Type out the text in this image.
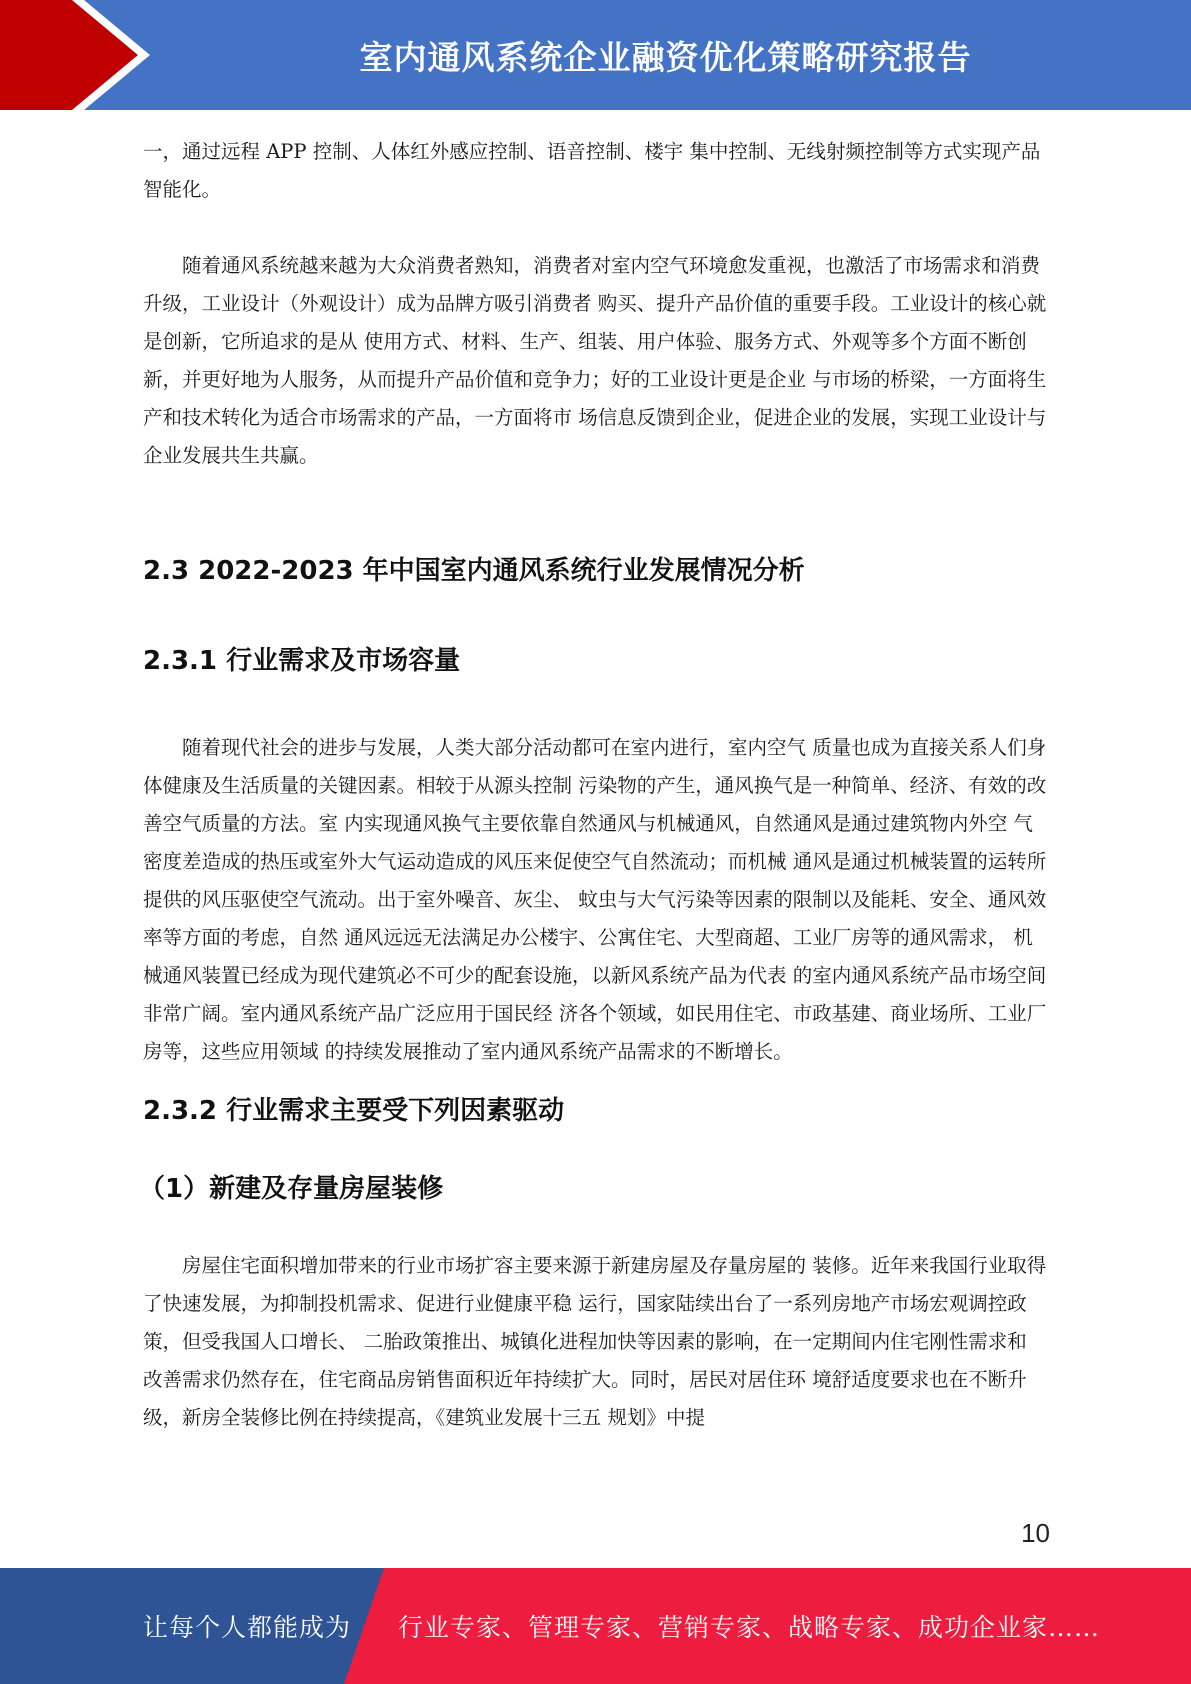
室内通风系统企业融资优化策略研究报告

一，通过远程 APP 控制、人体红外感应控制、语音控制、楼宇 集中控制、无线射频控制等方式实现产品智能化。

随着通风系统越来越为大众消费者熟知，消费者对室内空气环境愈发重视，也激活了市场需求和消费升级，工业设计（外观设计）成为品牌方吸引消费者 购买、提升产品价值的重要手段。工业设计的核心就是创新，它所追求的是从 使用方式、材料、生产、组装、用户体验、服务方式、外观等多个方面不断创 新，并更好地为人服务，从而提升产品价值和竞争力；好的工业设计更是企业 与市场的桥梁，一方面将生产和技术转化为适合市场需求的产品，一方面将市 场信息反馈到企业，促进企业的发展，实现工业设计与企业发展共生共赢。

2.3 2022-2023 年中国室内通风系统行业发展情况分析
2.3.1 行业需求及市场容量

随着现代社会的进步与发展，人类大部分活动都可在室内进行，室内空气 质量也成为直接关系人们身体健康及生活质量的关键因素。相较于从源头控制 污染物的产生，通风换气是一种简单、经济、有效的改善空气质量的方法。室 内实现通风换气主要依靠自然通风与机械通风，自然通风是通过建筑物内外空 气密度差造成的热压或室外大气运动造成的风压来促使空气自然流动；而机械 通风是通过机械装置的运转所提供的风压驱使空气流动。出于室外噪音、灰尘、 蚊虫与大气污染等因素的限制以及能耗、安全、通风效率等方面的考虑，自然 通风远远无法满足办公楼宇、公寓住宅、大型商超、工业厂房等的通风需求， 机械通风装置已经成为现代建筑必不可少的配套设施，以新风系统产品为代表 的室内通风系统产品市场空间非常广阔。室内通风系统产品广泛应用于国民经 济各个领域，如民用住宅、市政基建、商业场所、工业厂房等，这些应用领域 的持续发展推动了室内通风系统产品需求的不断增长。

2.3.2 行业需求主要受下列因素驱动
（1）新建及存量房屋装修

房屋住宅面积增加带来的行业市场扩容主要来源于新建房屋及存量房屋的 装修。近年来我国行业取得了快速发展，为抑制投机需求、促进行业健康平稳 运行，国家陆续出台了一系列房地产市场宏观调控政策，但受我国人口增长、 二胎政策推出、城镇化进程加快等因素的影响，在一定期间内住宅刚性需求和 改善需求仍然存在，住宅商品房销售面积近年持续扩大。同时，居民对居住环 境舒适度要求也在不断升级，新房全装修比例在持续提高，《建筑业发展十三五 规划》中提

10
让每个人都能成为 行业专家、管理专家、营销专家、战略专家、成功企业家……
